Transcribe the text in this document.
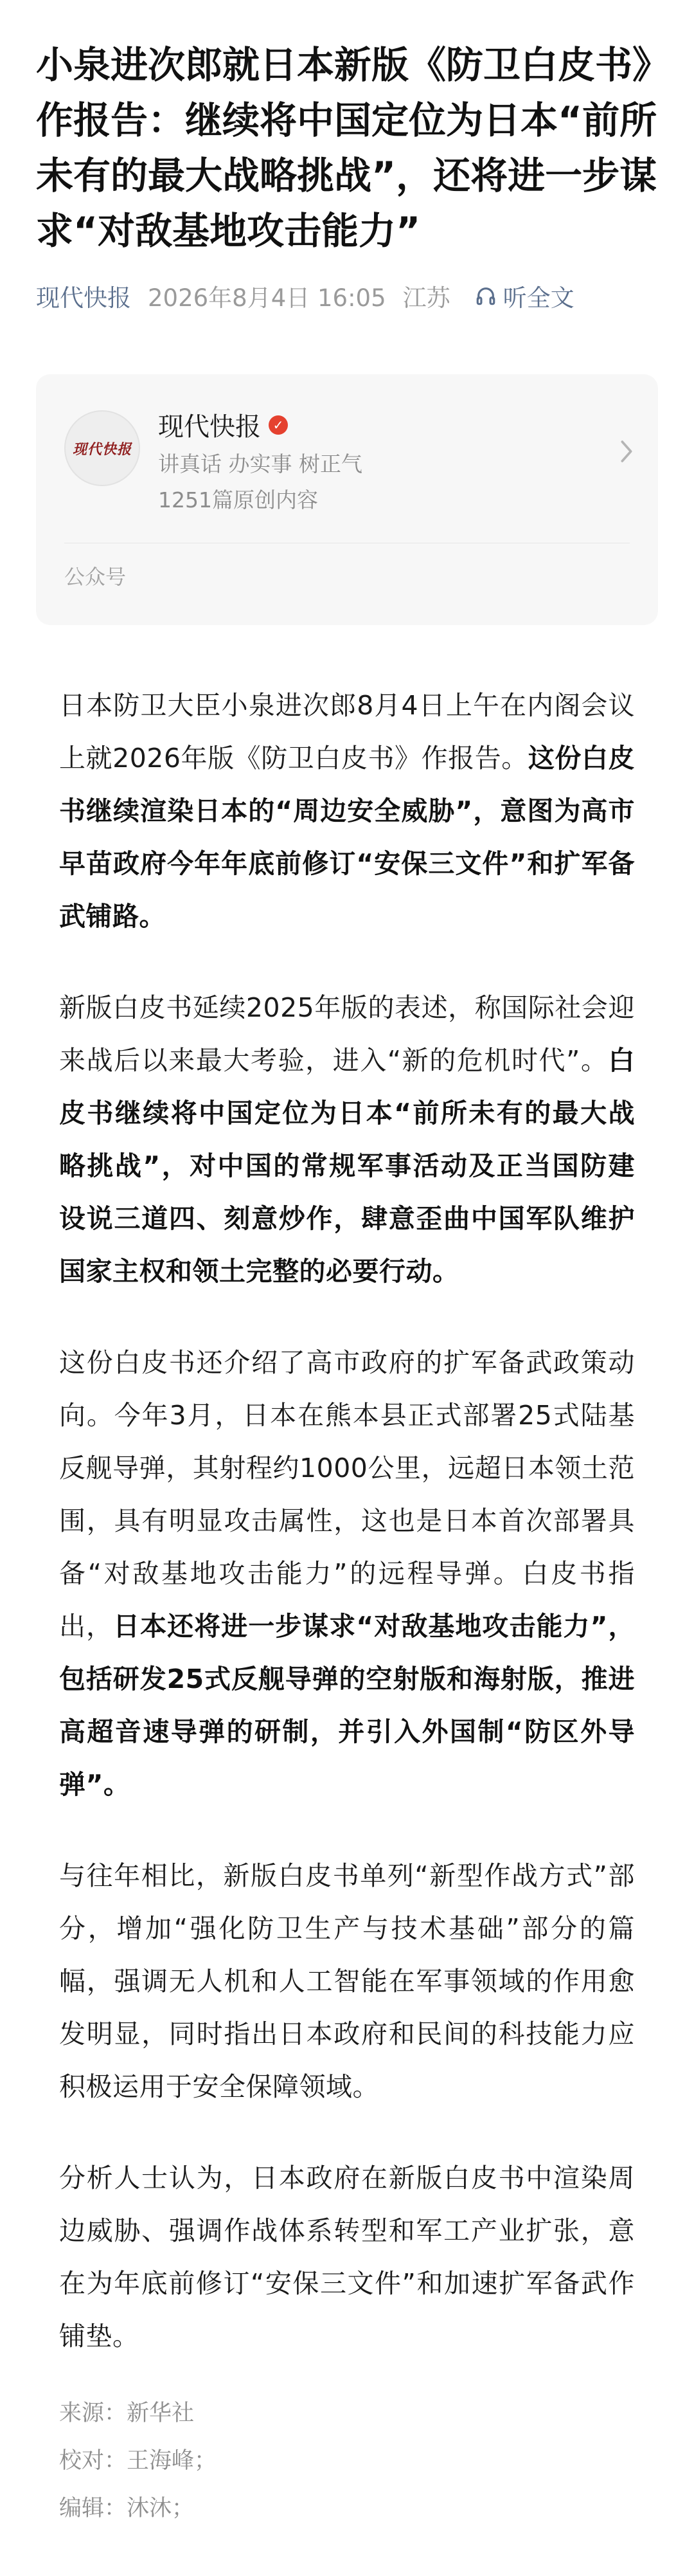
小泉进次郎就日本新版《防卫白皮书》作报告：继续将中国定位为日本“前所未有的最大战略挑战”，还将进一步谋求“对敌基地攻击能力”
现代快报 2026年8月4日 16:05 江苏 听全文
现代快报
现代快报 ✓
讲真话 办实事 树正气
1251篇原创内容
公众号

日本防卫大臣小泉进次郎8月4日上午在内阁会议上就2026年版《防卫白皮书》作报告。这份白皮书继续渲染日本的“周边安全威胁”，意图为高市早苗政府今年年底前修订“安保三文件”和扩军备武铺路。

新版白皮书延续2025年版的表述，称国际社会迎来战后以来最大考验，进入“新的危机时代”。白皮书继续将中国定位为日本“前所未有的最大战略挑战”，对中国的常规军事活动及正当国防建设说三道四、刻意炒作，肆意歪曲中国军队维护国家主权和领土完整的必要行动。

这份白皮书还介绍了高市政府的扩军备武政策动向。今年3月，日本在熊本县正式部署25式陆基反舰导弹，其射程约1000公里，远超日本领土范围，具有明显攻击属性，这也是日本首次部署具备“对敌基地攻击能力”的远程导弹。白皮书指出，日本还将进一步谋求“对敌基地攻击能力”，包括研发25式反舰导弹的空射版和海射版，推进高超音速导弹的研制，并引入外国制“防区外导弹”。

与往年相比，新版白皮书单列“新型作战方式”部分，增加“强化防卫生产与技术基础”部分的篇幅，强调无人机和人工智能在军事领域的作用愈发明显，同时指出日本政府和民间的科技能力应积极运用于安全保障领域。

分析人士认为，日本政府在新版白皮书中渲染周边威胁、强调作战体系转型和军工产业扩张，意在为年底前修订“安保三文件”和加速扩军备武作铺垫。

来源：新华社
校对：王海峰；
编辑：沐沐；
